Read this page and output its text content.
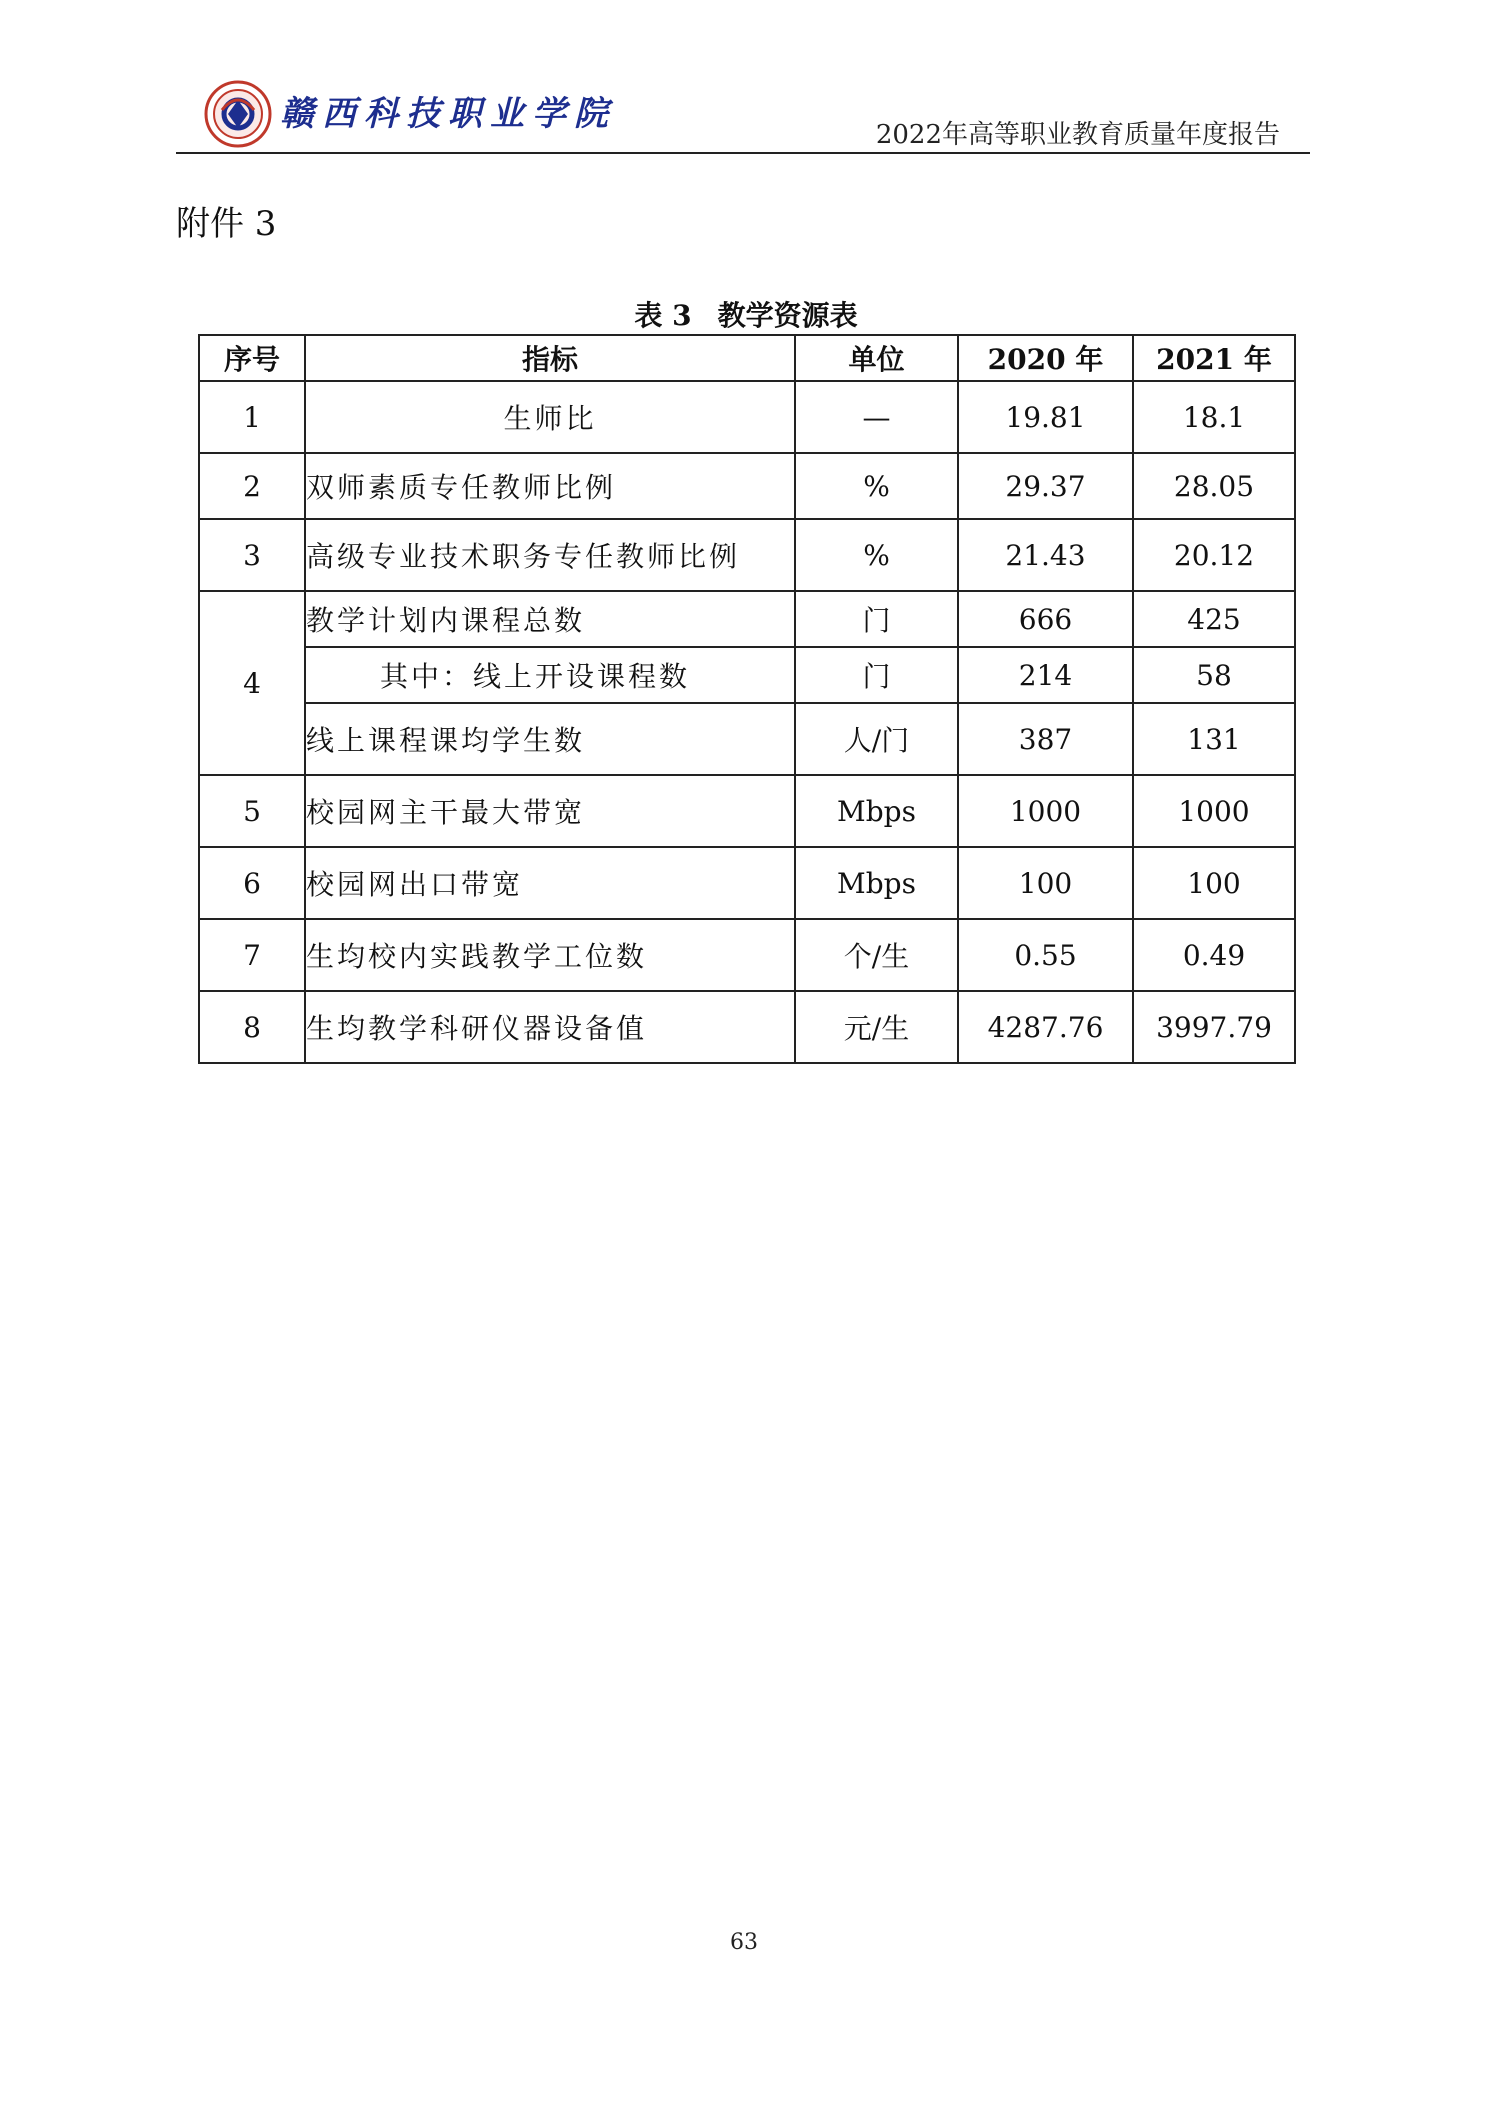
赣西科技职业学院
2022年高等职业教育质量年度报告
附件 3
表 3 教学资源表
序号	指标	单位	2020 年	2021 年
1	生师比	—	19.81	18.1
2	双师素质专任教师比例	%	29.37	28.05
3	高级专业技术职务专任教师比例	%	21.43	20.12
4	教学计划内课程总数	门	666	425
	其中：线上开设课程数	门	214	58
	线上课程课均学生数	人/门	387	131
5	校园网主干最大带宽	Mbps	1000	1000
6	校园网出口带宽	Mbps	100	100
7	生均校内实践教学工位数	个/生	0.55	0.49
8	生均教学科研仪器设备值	元/生	4287.76	3997.79
63
